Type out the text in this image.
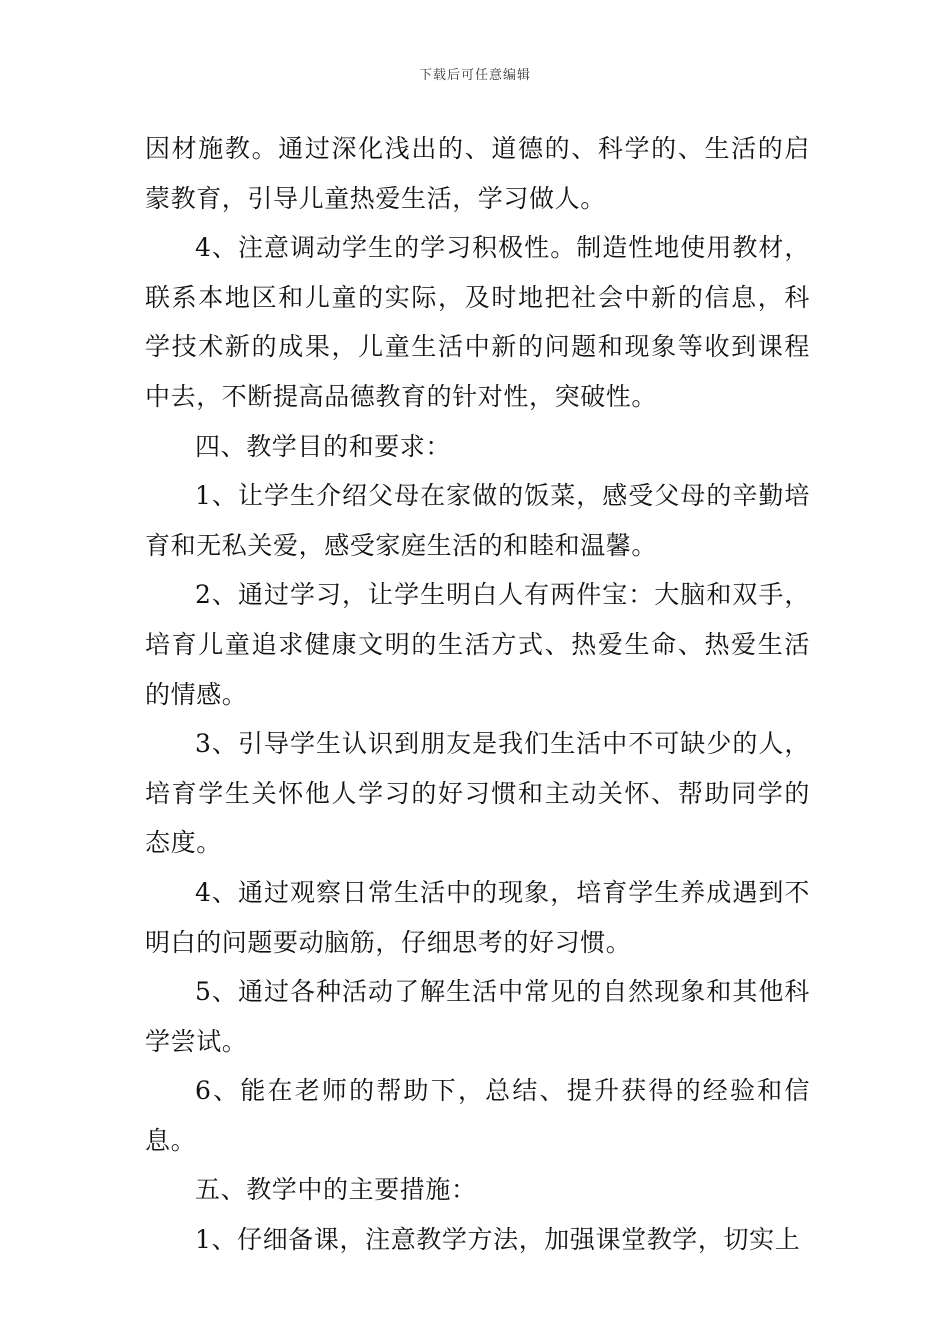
下载后可任意编辑

因材施教。通过深化浅出的、道德的、科学的、生活的启蒙教育，引导儿童热爱生活，学习做人。

4、注意调动学生的学习积极性。制造性地使用教材，联系本地区和儿童的实际，及时地把社会中新的信息，科学技术新的成果，儿童生活中新的问题和现象等收到课程中去，不断提高品德教育的针对性，突破性。

四、教学目的和要求：

1、让学生介绍父母在家做的饭菜，感受父母的辛勤培育和无私关爱，感受家庭生活的和睦和温馨。

2、通过学习，让学生明白人有两件宝：大脑和双手，培育儿童追求健康文明的生活方式、热爱生命、热爱生活的情感。

3、引导学生认识到朋友是我们生活中不可缺少的人，培育学生关怀他人学习的好习惯和主动关怀、帮助同学的态度。

4、通过观察日常生活中的现象，培育学生养成遇到不明白的问题要动脑筋，仔细思考的好习惯。

5、通过各种活动了解生活中常见的自然现象和其他科学尝试。

6、能在老师的帮助下，总结、提升获得的经验和信息。

五、教学中的主要措施：

1、仔细备课，注意教学方法，加强课堂教学，切实上
